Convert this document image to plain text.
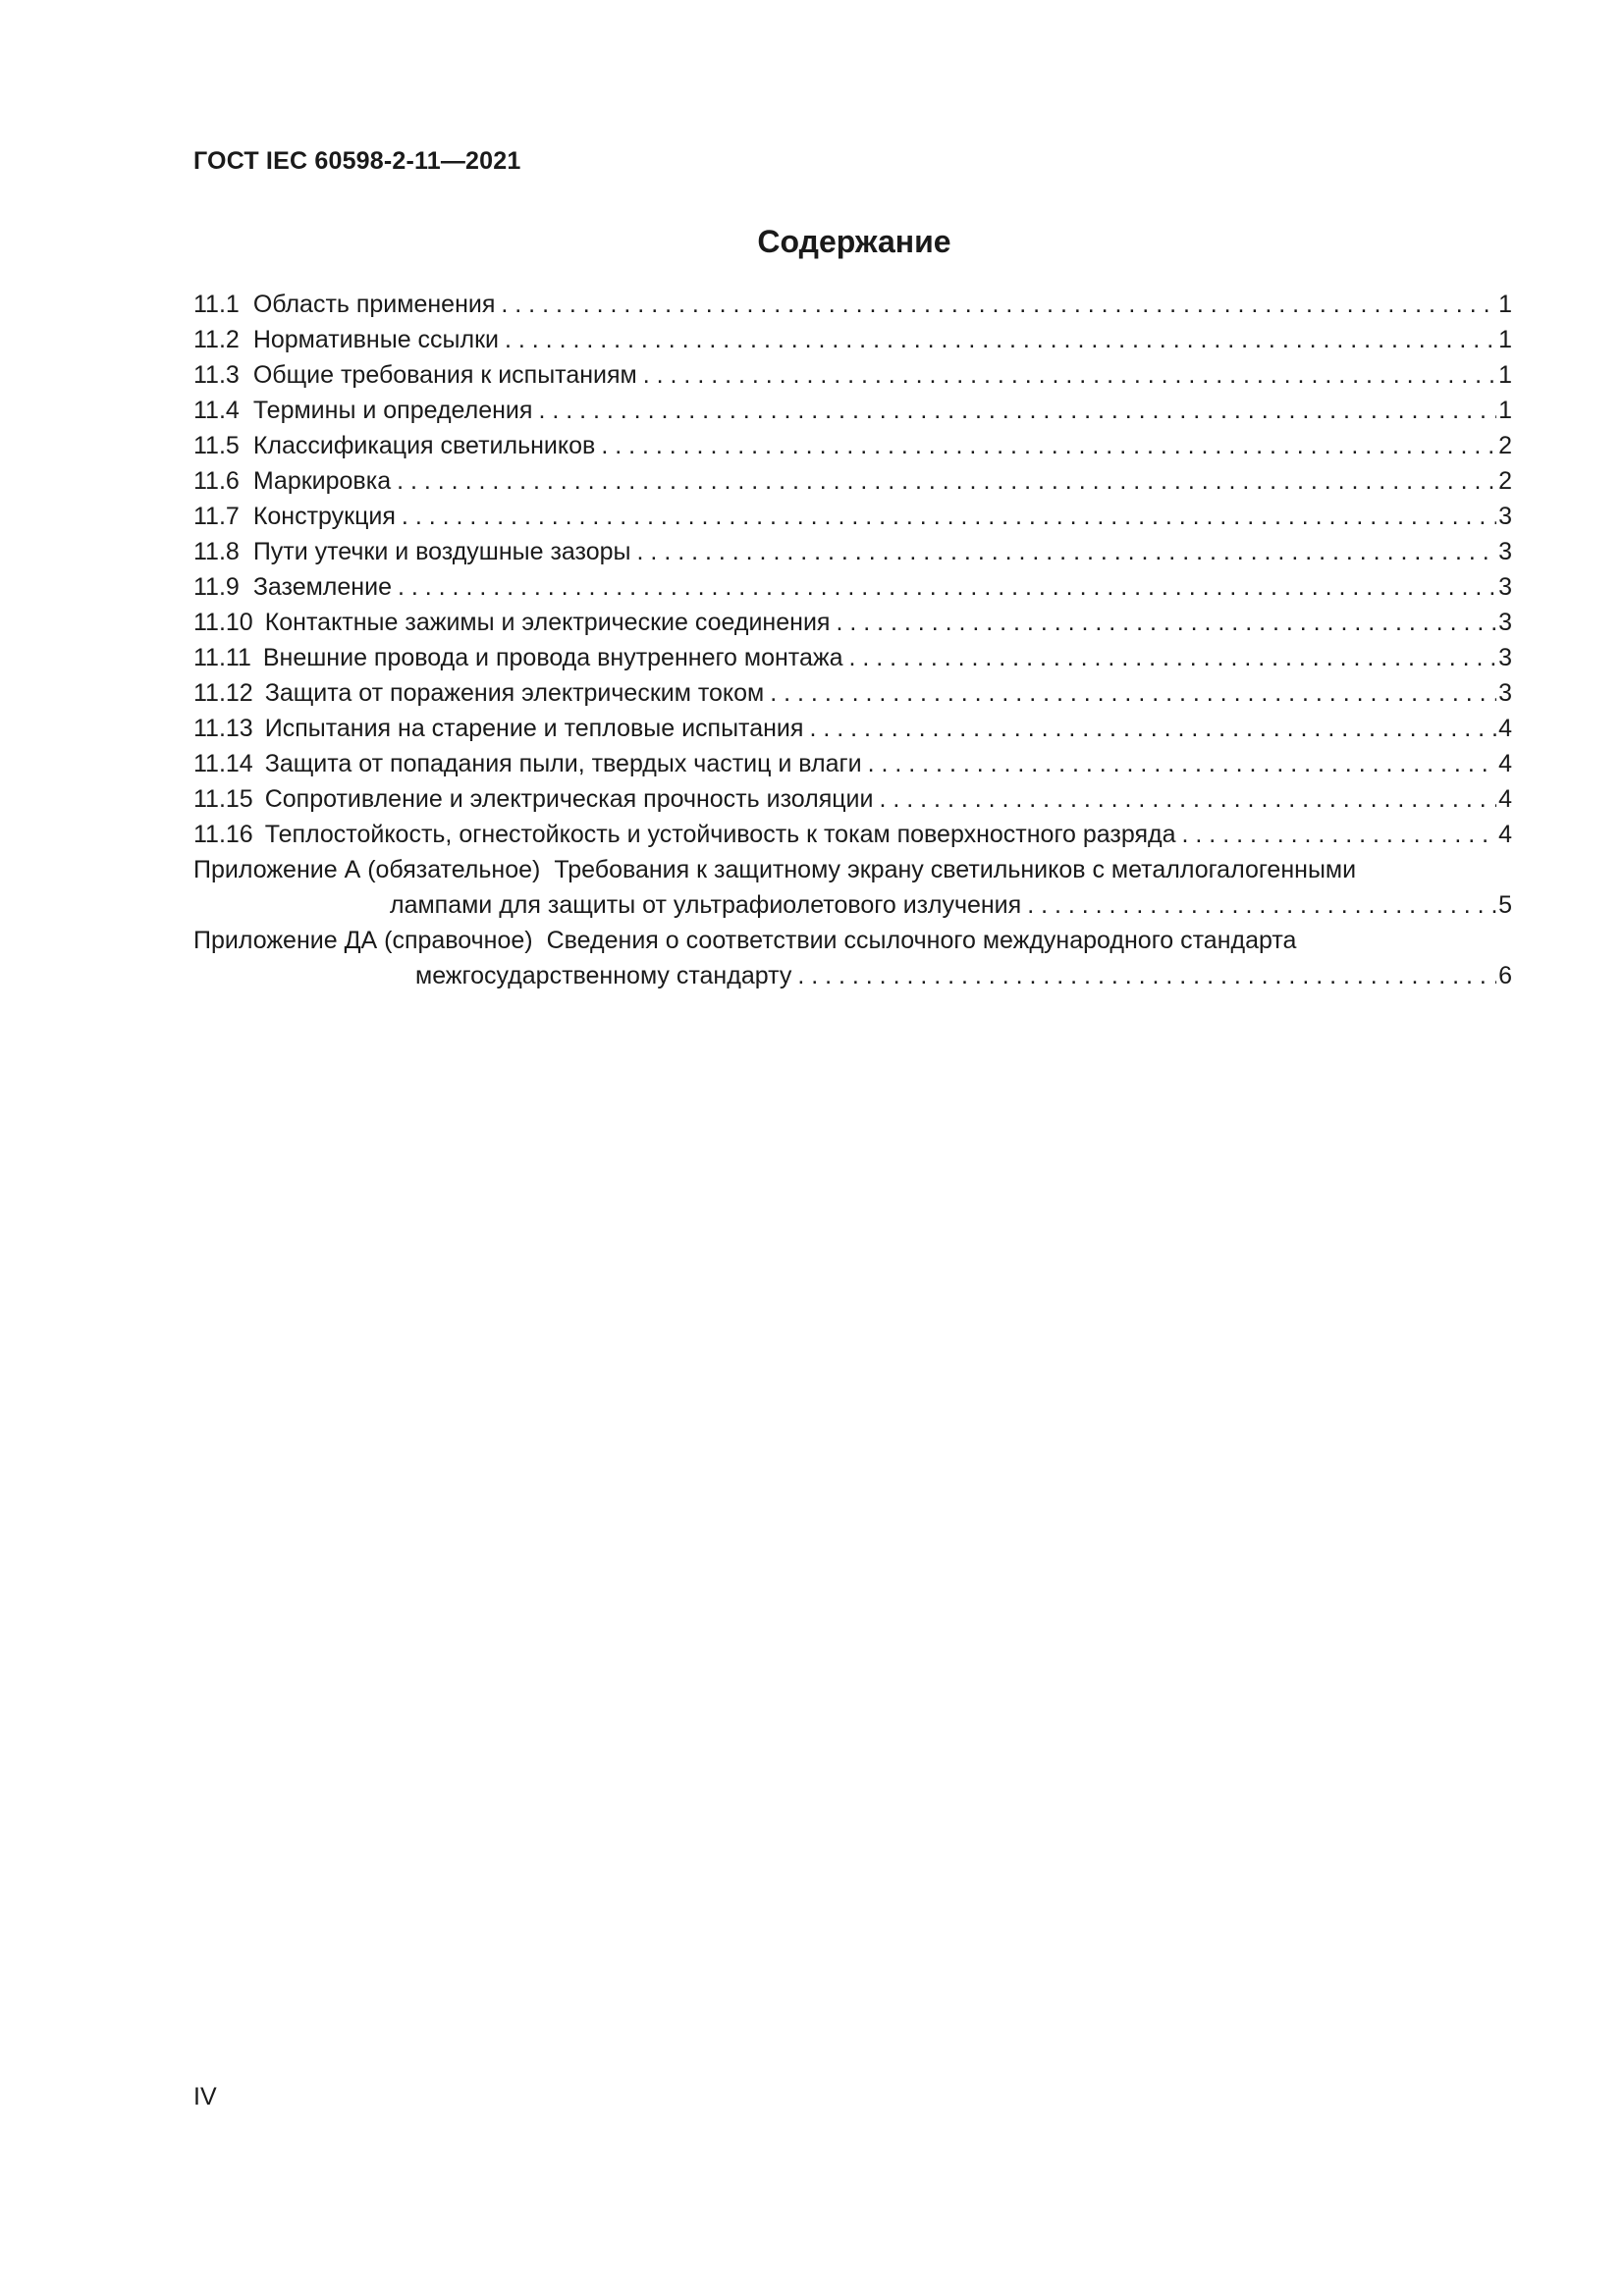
ГОСТ IEC 60598-2-11—2021
Содержание
11.1 Область применения . . .	1
11.2 Нормативные ссылки . . .	1
11.3 Общие требования к испытаниям . . .	1
11.4 Термины и определения . . .	1
11.5 Классификация светильников . . .	2
11.6 Маркировка . . .	2
11.7 Конструкция . . .	3
11.8 Пути утечки и воздушные зазоры . . .	3
11.9 Заземление . . .	3
11.10 Контактные зажимы и электрические соединения . . .	3
11.11 Внешние провода и провода внутреннего монтажа . . .	3
11.12 Защита от поражения электрическим током . . .	3
11.13 Испытания на старение и тепловые испытания . . .	4
11.14 Защита от попадания пыли, твердых частиц и влаги . . .	4
11.15 Сопротивление и электрическая прочность изоляции . . .	4
11.16 Теплостойкость, огнестойкость и устойчивость к токам поверхностного разряда . . .	4
Приложение А (обязательное) Требования к защитному экрану светильников с металлогалогенными
лампами для защиты от ультрафиолетового излучения . . .	5
Приложение ДА (справочное) Сведения о соответствии ссылочного международного стандарта
межгосударственному стандарту . . .	6
IV
